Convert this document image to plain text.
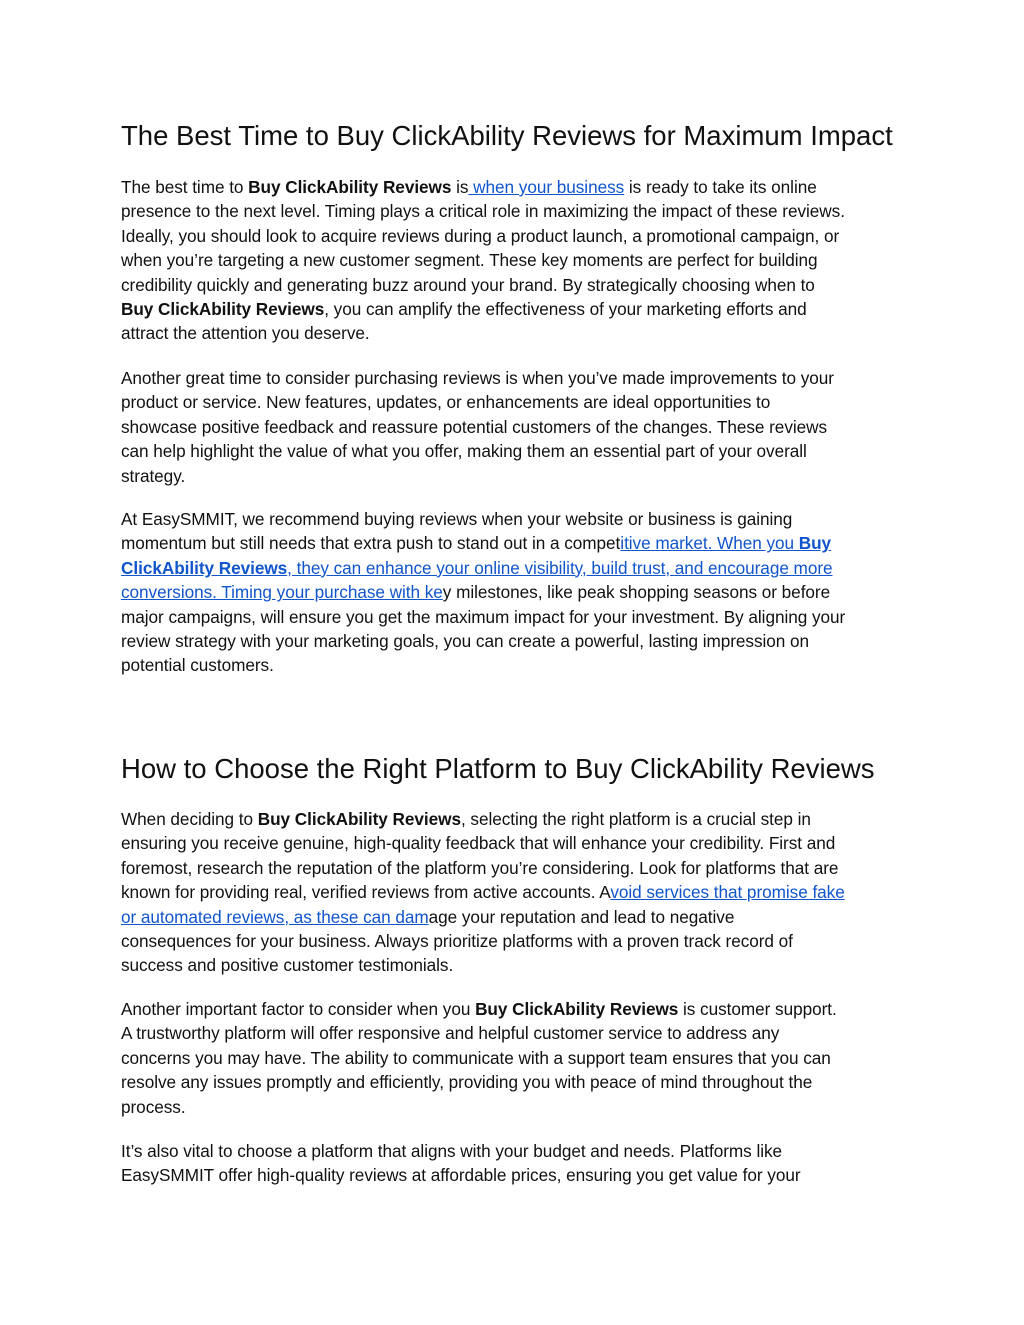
The Best Time to Buy ClickAbility Reviews for Maximum Impact

The best time to Buy ClickAbility Reviews is when your business is ready to take its online
presence to the next level. Timing plays a critical role in maximizing the impact of these reviews.
Ideally, you should look to acquire reviews during a product launch, a promotional campaign, or
when you’re targeting a new customer segment. These key moments are perfect for building
credibility quickly and generating buzz around your brand. By strategically choosing when to
Buy ClickAbility Reviews, you can amplify the effectiveness of your marketing efforts and
attract the attention you deserve.

Another great time to consider purchasing reviews is when you’ve made improvements to your
product or service. New features, updates, or enhancements are ideal opportunities to
showcase positive feedback and reassure potential customers of the changes. These reviews
can help highlight the value of what you offer, making them an essential part of your overall
strategy.

At EasySMMIT, we recommend buying reviews when your website or business is gaining
momentum but still needs that extra push to stand out in a competitive market. When you Buy
ClickAbility Reviews, they can enhance your online visibility, build trust, and encourage more
conversions. Timing your purchase with key milestones, like peak shopping seasons or before
major campaigns, will ensure you get the maximum impact for your investment. By aligning your
review strategy with your marketing goals, you can create a powerful, lasting impression on
potential customers.

How to Choose the Right Platform to Buy ClickAbility Reviews

When deciding to Buy ClickAbility Reviews, selecting the right platform is a crucial step in
ensuring you receive genuine, high-quality feedback that will enhance your credibility. First and
foremost, research the reputation of the platform you’re considering. Look for platforms that are
known for providing real, verified reviews from active accounts. Avoid services that promise fake
or automated reviews, as these can damage your reputation and lead to negative
consequences for your business. Always prioritize platforms with a proven track record of
success and positive customer testimonials.

Another important factor to consider when you Buy ClickAbility Reviews is customer support.
A trustworthy platform will offer responsive and helpful customer service to address any
concerns you may have. The ability to communicate with a support team ensures that you can
resolve any issues promptly and efficiently, providing you with peace of mind throughout the
process.

It’s also vital to choose a platform that aligns with your budget and needs. Platforms like
EasySMMIT offer high-quality reviews at affordable prices, ensuring you get value for your
